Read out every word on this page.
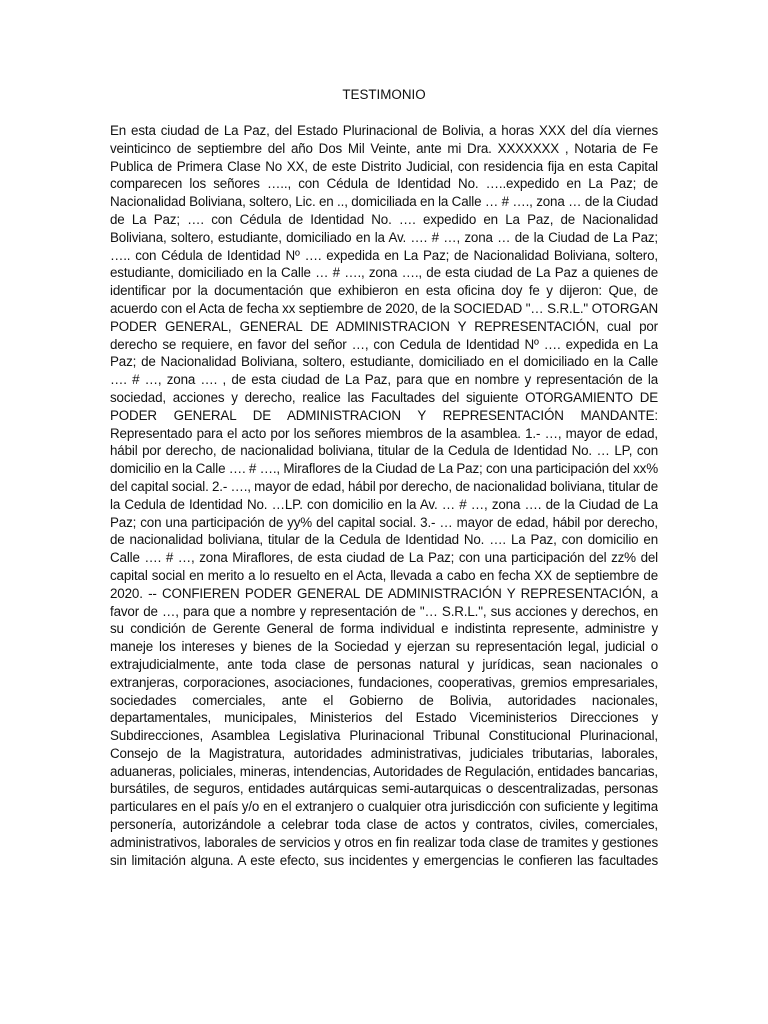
TESTIMONIO

En esta ciudad de La Paz, del Estado Plurinacional de Bolivia, a horas XXX del día viernes veinticinco de septiembre del año Dos Mil Veinte, ante mi Dra. XXXXXXX , Notaria de Fe Publica de Primera Clase No XX, de este Distrito Judicial, con residencia fija en esta Capital comparecen los señores ….., con Cédula de Identidad No. …..expedido en La Paz; de Nacionalidad Boliviana, soltero, Lic. en .., domiciliada en la Calle … # …., zona … de la Ciudad de La Paz; …. con Cédula de Identidad No. …. expedido en La Paz, de Nacionalidad Boliviana, soltero, estudiante, domiciliado en la Av. …. # …, zona … de la Ciudad de La Paz; ….. con Cédula de Identidad Nº …. expedida en La Paz; de Nacionalidad Boliviana, soltero, estudiante, domiciliado en la Calle … # …., zona …., de esta ciudad de La Paz a quienes de identificar por la documentación que exhibieron en esta oficina doy fe y dijeron: Que, de acuerdo con el Acta de fecha xx septiembre de 2020, de la SOCIEDAD "… S.R.L." OTORGAN PODER GENERAL, GENERAL DE ADMINISTRACION Y REPRESENTACIÓN, cual por derecho se requiere, en favor del señor …, con Cedula de Identidad Nº …. expedida en La Paz; de Nacionalidad Boliviana, soltero, estudiante, domiciliado en el domiciliado en la Calle …. # …, zona …. , de esta ciudad de La Paz, para que en nombre y representación de la sociedad, acciones y derecho, realice las Facultades del siguiente OTORGAMIENTO DE PODER GENERAL DE ADMINISTRACION Y REPRESENTACIÓN MANDANTE: Representado para el acto por los señores miembros de la asamblea. 1.- …, mayor de edad, hábil por derecho, de nacionalidad boliviana, titular de la Cedula de Identidad No. … LP, con domicilio en la Calle …. # …., Miraflores de la Ciudad de La Paz; con una participación del xx% del capital social. 2.- …., mayor de edad, hábil por derecho, de nacionalidad boliviana, titular de la Cedula de Identidad No. …LP. con domicilio en la Av. … # …, zona …. de la Ciudad de La Paz; con una participación de yy% del capital social. 3.- … mayor de edad, hábil por derecho, de nacionalidad boliviana, titular de la Cedula de Identidad No. …. La Paz, con domicilio en Calle …. # …, zona Miraflores, de esta ciudad de La Paz; con una participación del zz% del capital social en merito a lo resuelto en el Acta, llevada a cabo en fecha XX de septiembre de 2020. -- CONFIEREN PODER GENERAL DE ADMINISTRACIÓN Y REPRESENTACIÓN, a favor de …, para que a nombre y representación de "… S.R.L.", sus acciones y derechos, en su condición de Gerente General de forma individual e indistinta represente, administre y maneje los intereses y bienes de la Sociedad y ejerzan su representación legal, judicial o extrajudicialmente, ante toda clase de personas natural y jurídicas, sean nacionales o extranjeras, corporaciones, asociaciones, fundaciones, cooperativas, gremios empresariales, sociedades comerciales, ante el Gobierno de Bolivia, autoridades nacionales, departamentales, municipales, Ministerios del Estado Viceministerios Direcciones y Subdirecciones, Asamblea Legislativa Plurinacional Tribunal Constitucional Plurinacional, Consejo de la Magistratura, autoridades administrativas, judiciales tributarias, laborales, aduaneras, policiales, mineras, intendencias, Autoridades de Regulación, entidades bancarias, bursátiles, de seguros, entidades autárquicas semi-autarquicas o descentralizadas, personas particulares en el país y/o en el extranjero o cualquier otra jurisdicción con suficiente y legitima personería, autorizándole a celebrar toda clase de actos y contratos, civiles, comerciales, administrativos, laborales de servicios y otros en fin realizar toda clase de tramites y gestiones sin limitación alguna. A este efecto, sus incidentes y emergencias le confieren las facultades
